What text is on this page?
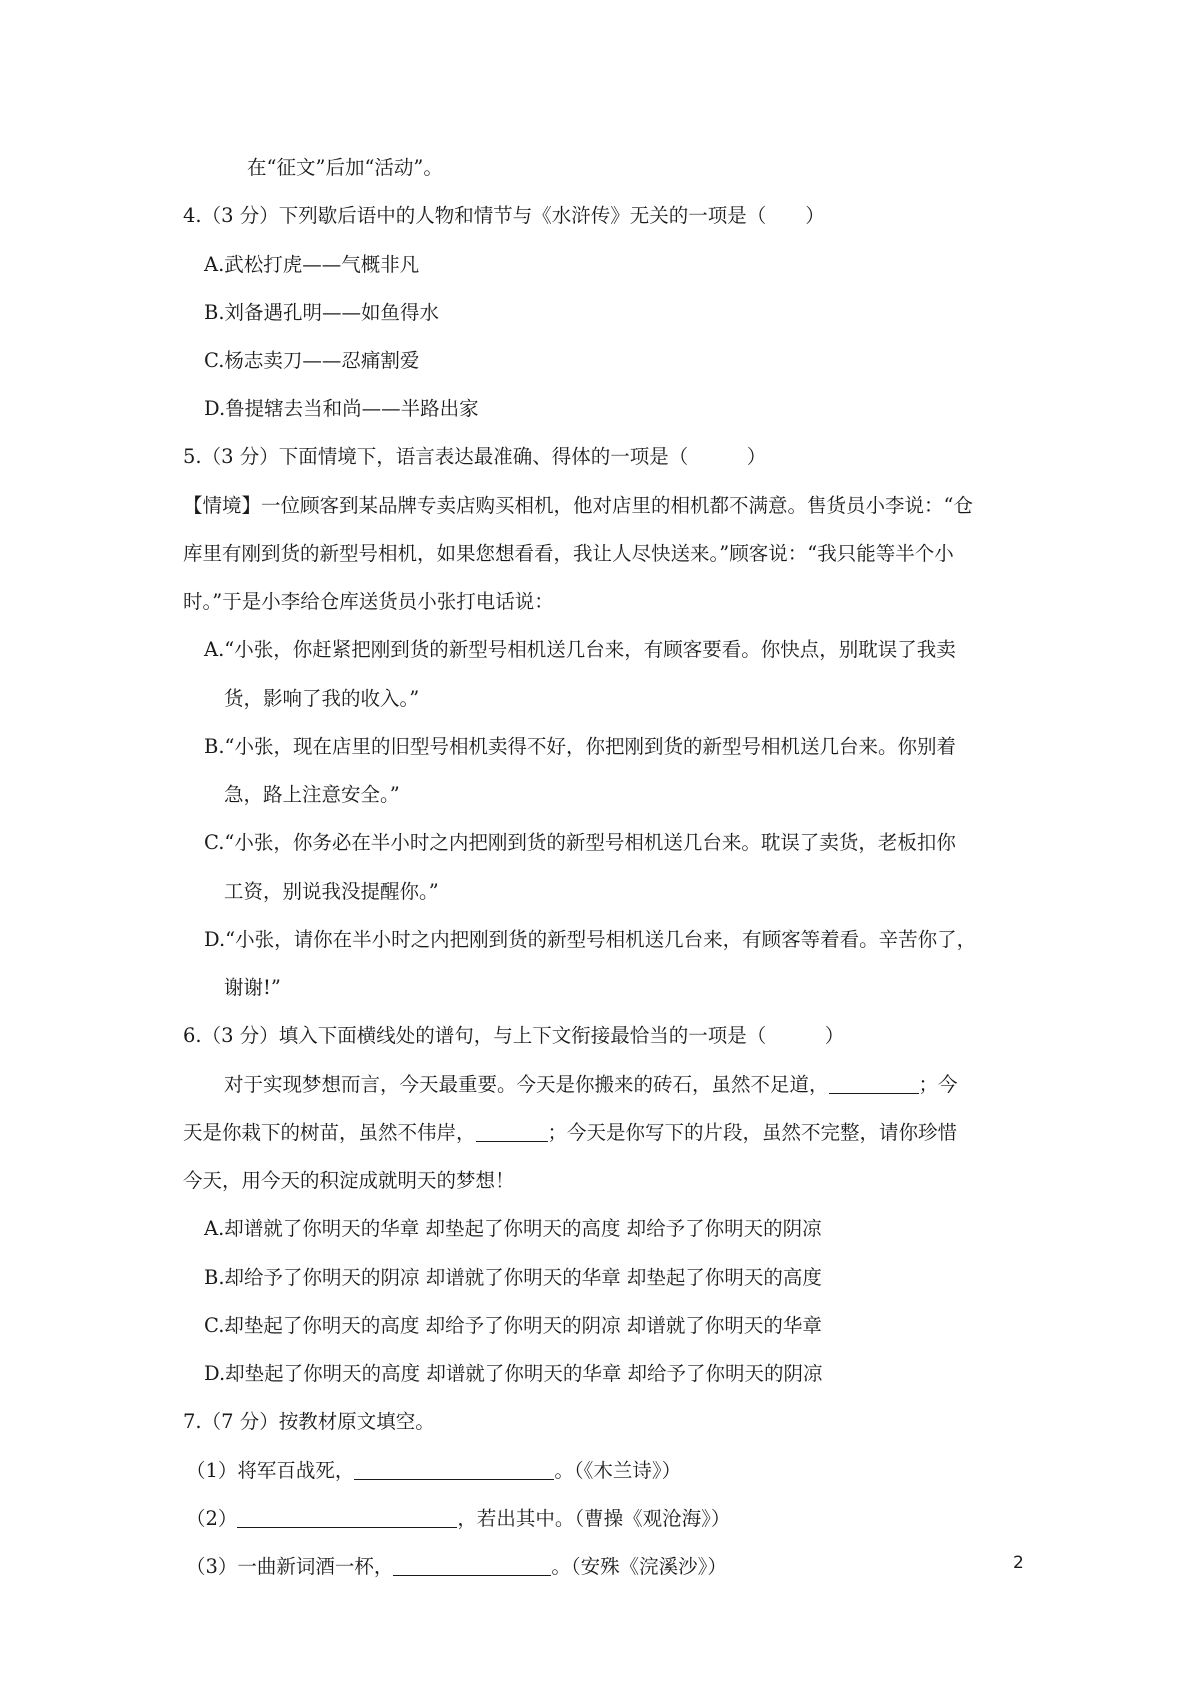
在“征文”后加“活动”。
4.（3 分）下列歇后语中的人物和情节与《水浒传》无关的一项是（　　）
A.武松打虎——气概非凡
B.刘备遇孔明——如鱼得水
C.杨志卖刀——忍痛割爱
D.鲁提辖去当和尚——半路出家
5.（3 分）下面情境下，语言表达最准确、得体的一项是（　　　）
【情境】一位顾客到某品牌专卖店购买相机，他对店里的相机都不满意。售货员小李说：“仓
库里有刚到货的新型号相机，如果您想看看，我让人尽快送来。”顾客说：“我只能等半个小
时。”于是小李给仓库送货员小张打电话说：
A.“小张，你赶紧把刚到货的新型号相机送几台来，有顾客要看。你快点，别耽误了我卖
货，影响了我的收入。”
B.“小张，现在店里的旧型号相机卖得不好，你把刚到货的新型号相机送几台来。你别着
急，路上注意安全。”
C.“小张，你务必在半小时之内把刚到货的新型号相机送几台来。耽误了卖货，老板扣你
工资，别说我没提醒你。”
D.“小张，请你在半小时之内把刚到货的新型号相机送几台来，有顾客等着看。辛苦你了，
谢谢!”
6.（3 分）填入下面横线处的谱句，与上下文衔接最恰当的一项是（　　　）
对于实现梦想而言，今天最重要。今天是你搬来的砖石，虽然不足道，	；今
天是你栽下的树苗，虽然不伟岸，	；今天是你写下的片段，虽然不完整，请你珍惜
今天，用今天的积淀成就明天的梦想！
A.却谱就了你明天的华章 却垫起了你明天的高度 却给予了你明天的阴凉
B.却给予了你明天的阴凉 却谱就了你明天的华章 却垫起了你明天的高度
C.却垫起了你明天的高度 却给予了你明天的阴凉 却谱就了你明天的华章
D.却垫起了你明天的高度 却谱就了你明天的华章 却给予了你明天的阴凉
7.（7 分）按教材原文填空。
（1）将军百战死，	。（《木兰诗》）
（2）	，若出其中。（曹操《观沧海》）
（3）一曲新词酒一杯，	。（安殊《浣溪沙》）	2
